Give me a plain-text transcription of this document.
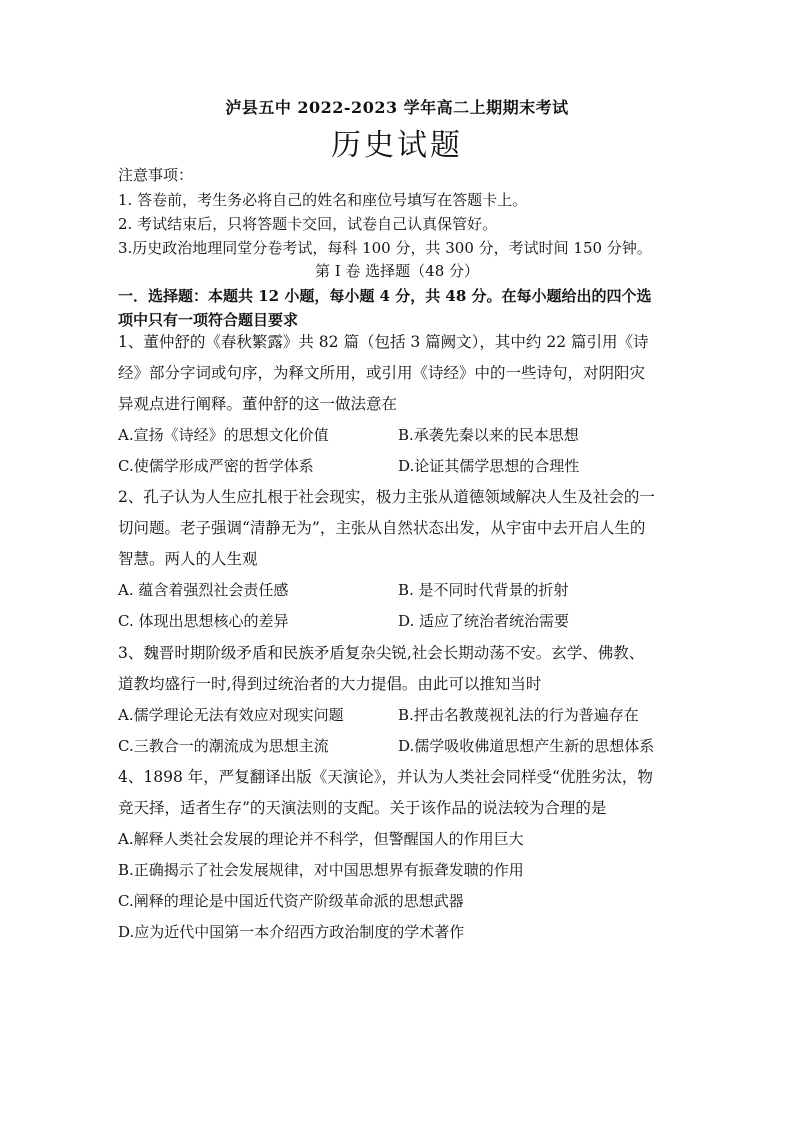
泸县五中 2022-2023 学年高二上期期末考试
历史试题
注意事项：
1. 答卷前，考生务必将自己的姓名和座位号填写在答题卡上。
2. 考试结束后，只将答题卡交回，试卷自己认真保管好。
3.历史政治地理同堂分卷考试，每科 100 分，共 300 分，考试时间 150 分钟。
第 I 卷 选择题（48 分）
一．选择题：本题共 12 小题，每小题 4 分，共 48 分。在每小题给出的四个选
项中只有一项符合题目要求
1、董仲舒的《春秋繁露》共 82 篇（包括 3 篇阙文），其中约 22 篇引用《诗
经》部分字词或句序，为释文所用，或引用《诗经》中的一些诗句，对阴阳灾
异观点进行阐释。董仲舒的这一做法意在
A.宣扬《诗经》的思想文化价值	B.承袭先秦以来的民本思想
C.使儒学形成严密的哲学体系	D.论证其儒学思想的合理性
2、孔子认为人生应扎根于社会现实，极力主张从道德领域解决人生及社会的一
切问题。老子强调“清静无为”，主张从自然状态出发，从宇宙中去开启人生的
智慧。两人的人生观
A. 蕴含着强烈社会责任感	B. 是不同时代背景的折射
C. 体现出思想核心的差异	D. 适应了统治者统治需要
3、魏晋时期阶级矛盾和民族矛盾复杂尖锐,社会长期动荡不安。玄学、佛教、
道教均盛行一时,得到过统治者的大力提倡。由此可以推知当时
A.儒学理论无法有效应对现实问题	B.抨击名教蔑视礼法的行为普遍存在
C.三教合一的潮流成为思想主流	D.儒学吸收佛道思想产生新的思想体系
4、1898 年，严复翻译出版《天演论》，并认为人类社会同样受“优胜劣汰，物
竞天择，适者生存”的天演法则的支配。关于该作品的说法较为合理的是
A.解释人类社会发展的理论并不科学，但警醒国人的作用巨大
B.正确揭示了社会发展规律，对中国思想界有振聋发聩的作用
C.阐释的理论是中国近代资产阶级革命派的思想武器
D.应为近代中国第一本介绍西方政治制度的学术著作
